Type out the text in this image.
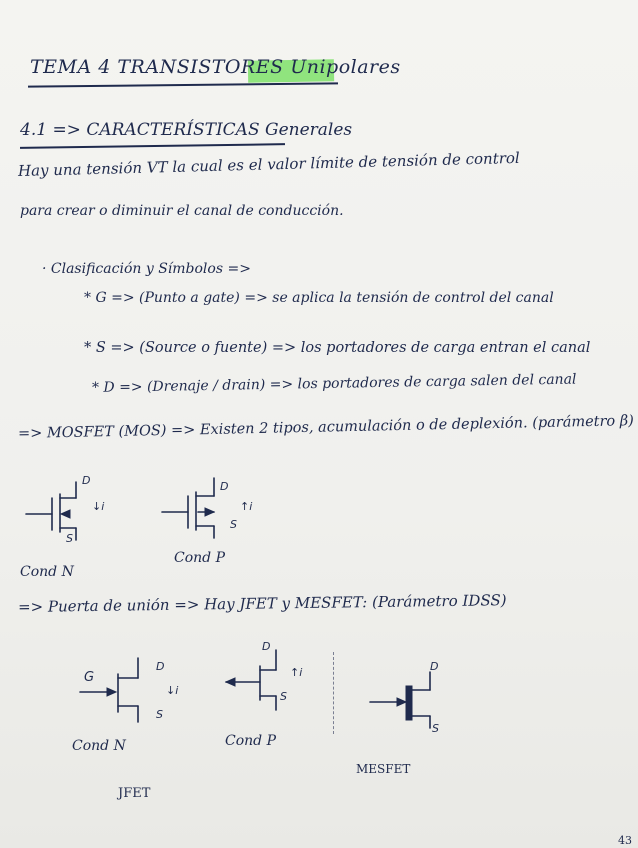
TEMA 4 TRANSISTORES Unipolares
4.1 => CARACTERÍSTICAS Generales
Hay una tensión VT la cual es el valor límite de tensión de control
para crear o diminuir el canal de conducción.
· Clasificación y Símbolos =>
* G => (Punto a gate) => se aplica la tensión de control del canal
* S => (Source o fuente) => los portadores de carga entran el canal
* D => (Drenaje / drain) => los portadores de carga salen del canal
=> MOSFET (MOS) => Existen 2 tipos, acumulación o de deplexión. (parámetro β)
D
S
↓i
Cond N
D
S
↑i
Cond P
=> Puerta de unión => Hay JFET y MESFET: (Parámetro IDSS)
G
D
S
↓i
Cond N
D
S
↑i
Cond P
D
S
MESFET
JFET
43
